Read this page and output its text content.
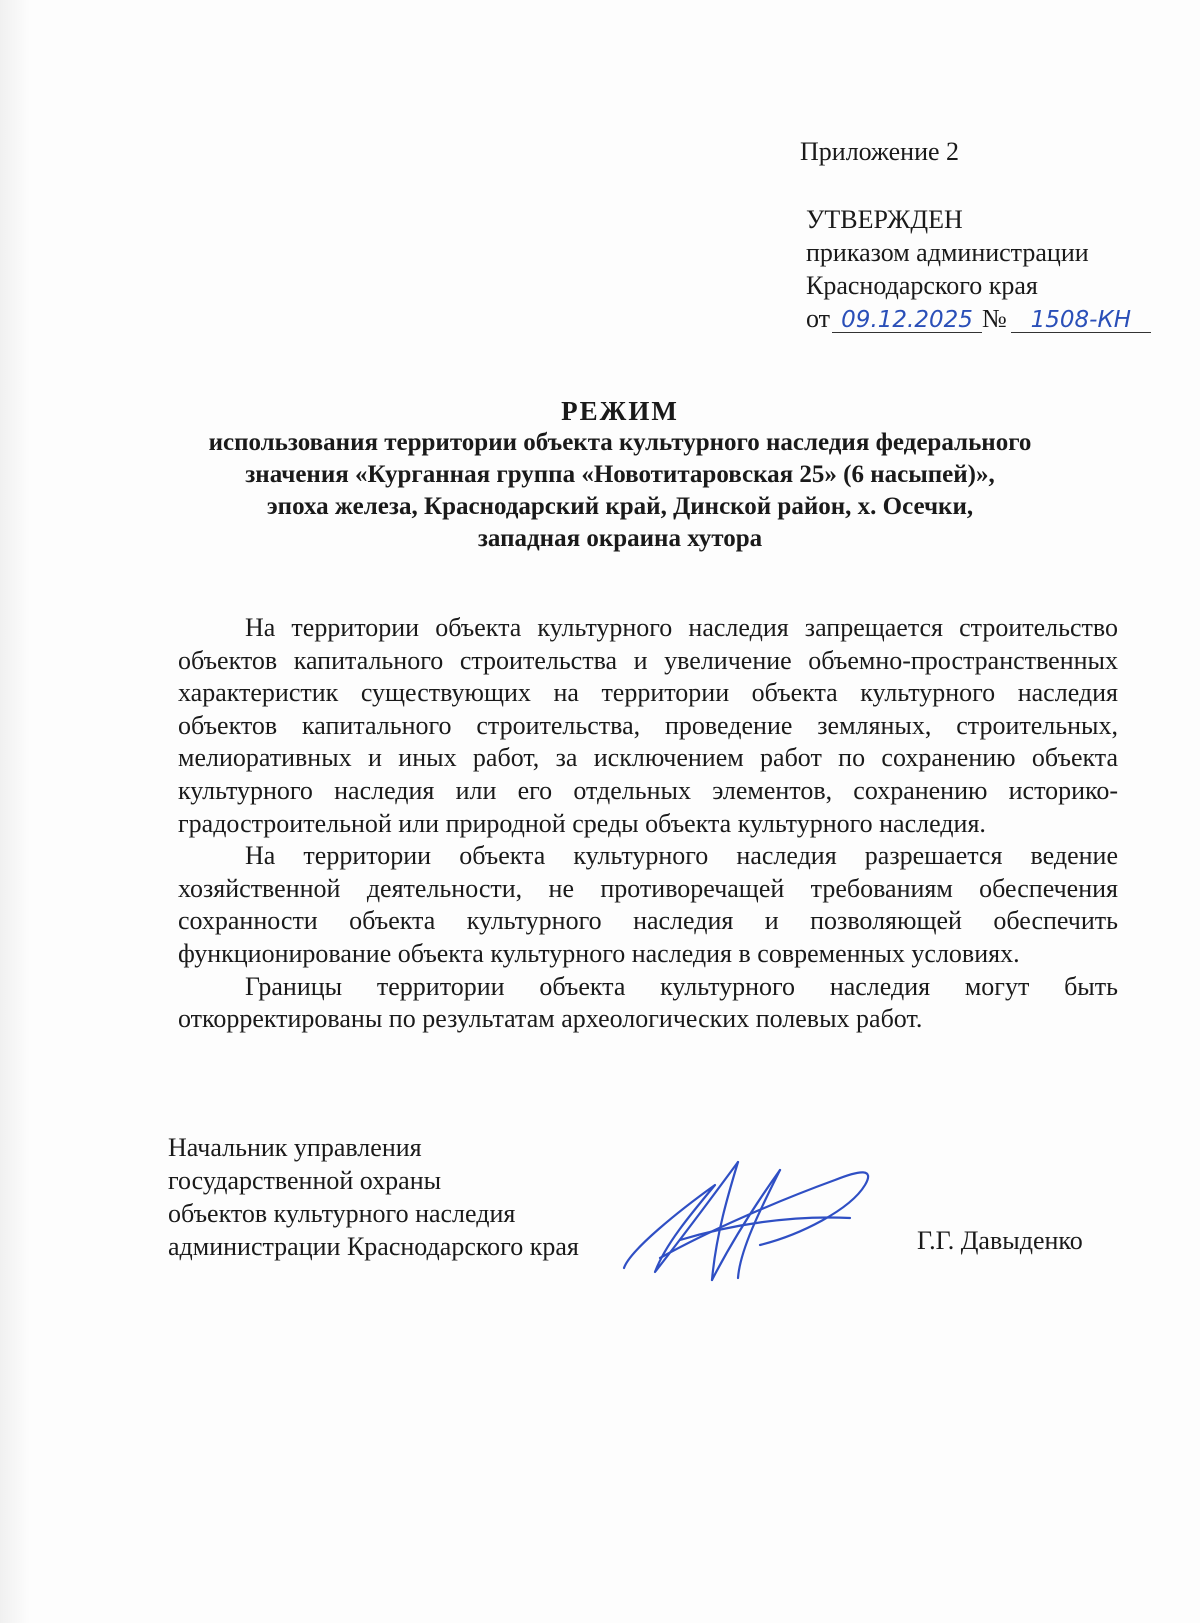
Приложение 2
УТВЕРЖДЕН
приказом администрации
Краснодарского края
от 09.12.2025 № 1508-КН
РЕЖИМ
использования территории объекта культурного наследия федерального
значения «Курганная группа «Новотитаровская 25» (6 насыпей)»,
эпоха железа, Краснодарский край, Динской район, х. Осечки,
западная окраина хутора

На территории объекта культурного наследия запрещается строительство объектов капитального строительства и увеличение объемно-пространственных характеристик существующих на территории объекта культурного наследия объектов капитального строительства, проведение земляных, строительных, мелиоративных и иных работ, за исключением работ по сохранению объекта культурного наследия или его отдельных элементов, сохранению историко-градостроительной или природной среды объекта культурного наследия.

На территории объекта культурного наследия разрешается ведение хозяйственной деятельности, не противоречащей требованиям обеспечения сохранности объекта культурного наследия и позволяющей обеспечить функционирование объекта культурного наследия в современных условиях.

Границы территории объекта культурного наследия могут быть откорректированы по результатам археологических полевых работ.

Начальник управления
государственной охраны
объектов культурного наследия
администрации Краснодарского края	Г.Г. Давыденко
